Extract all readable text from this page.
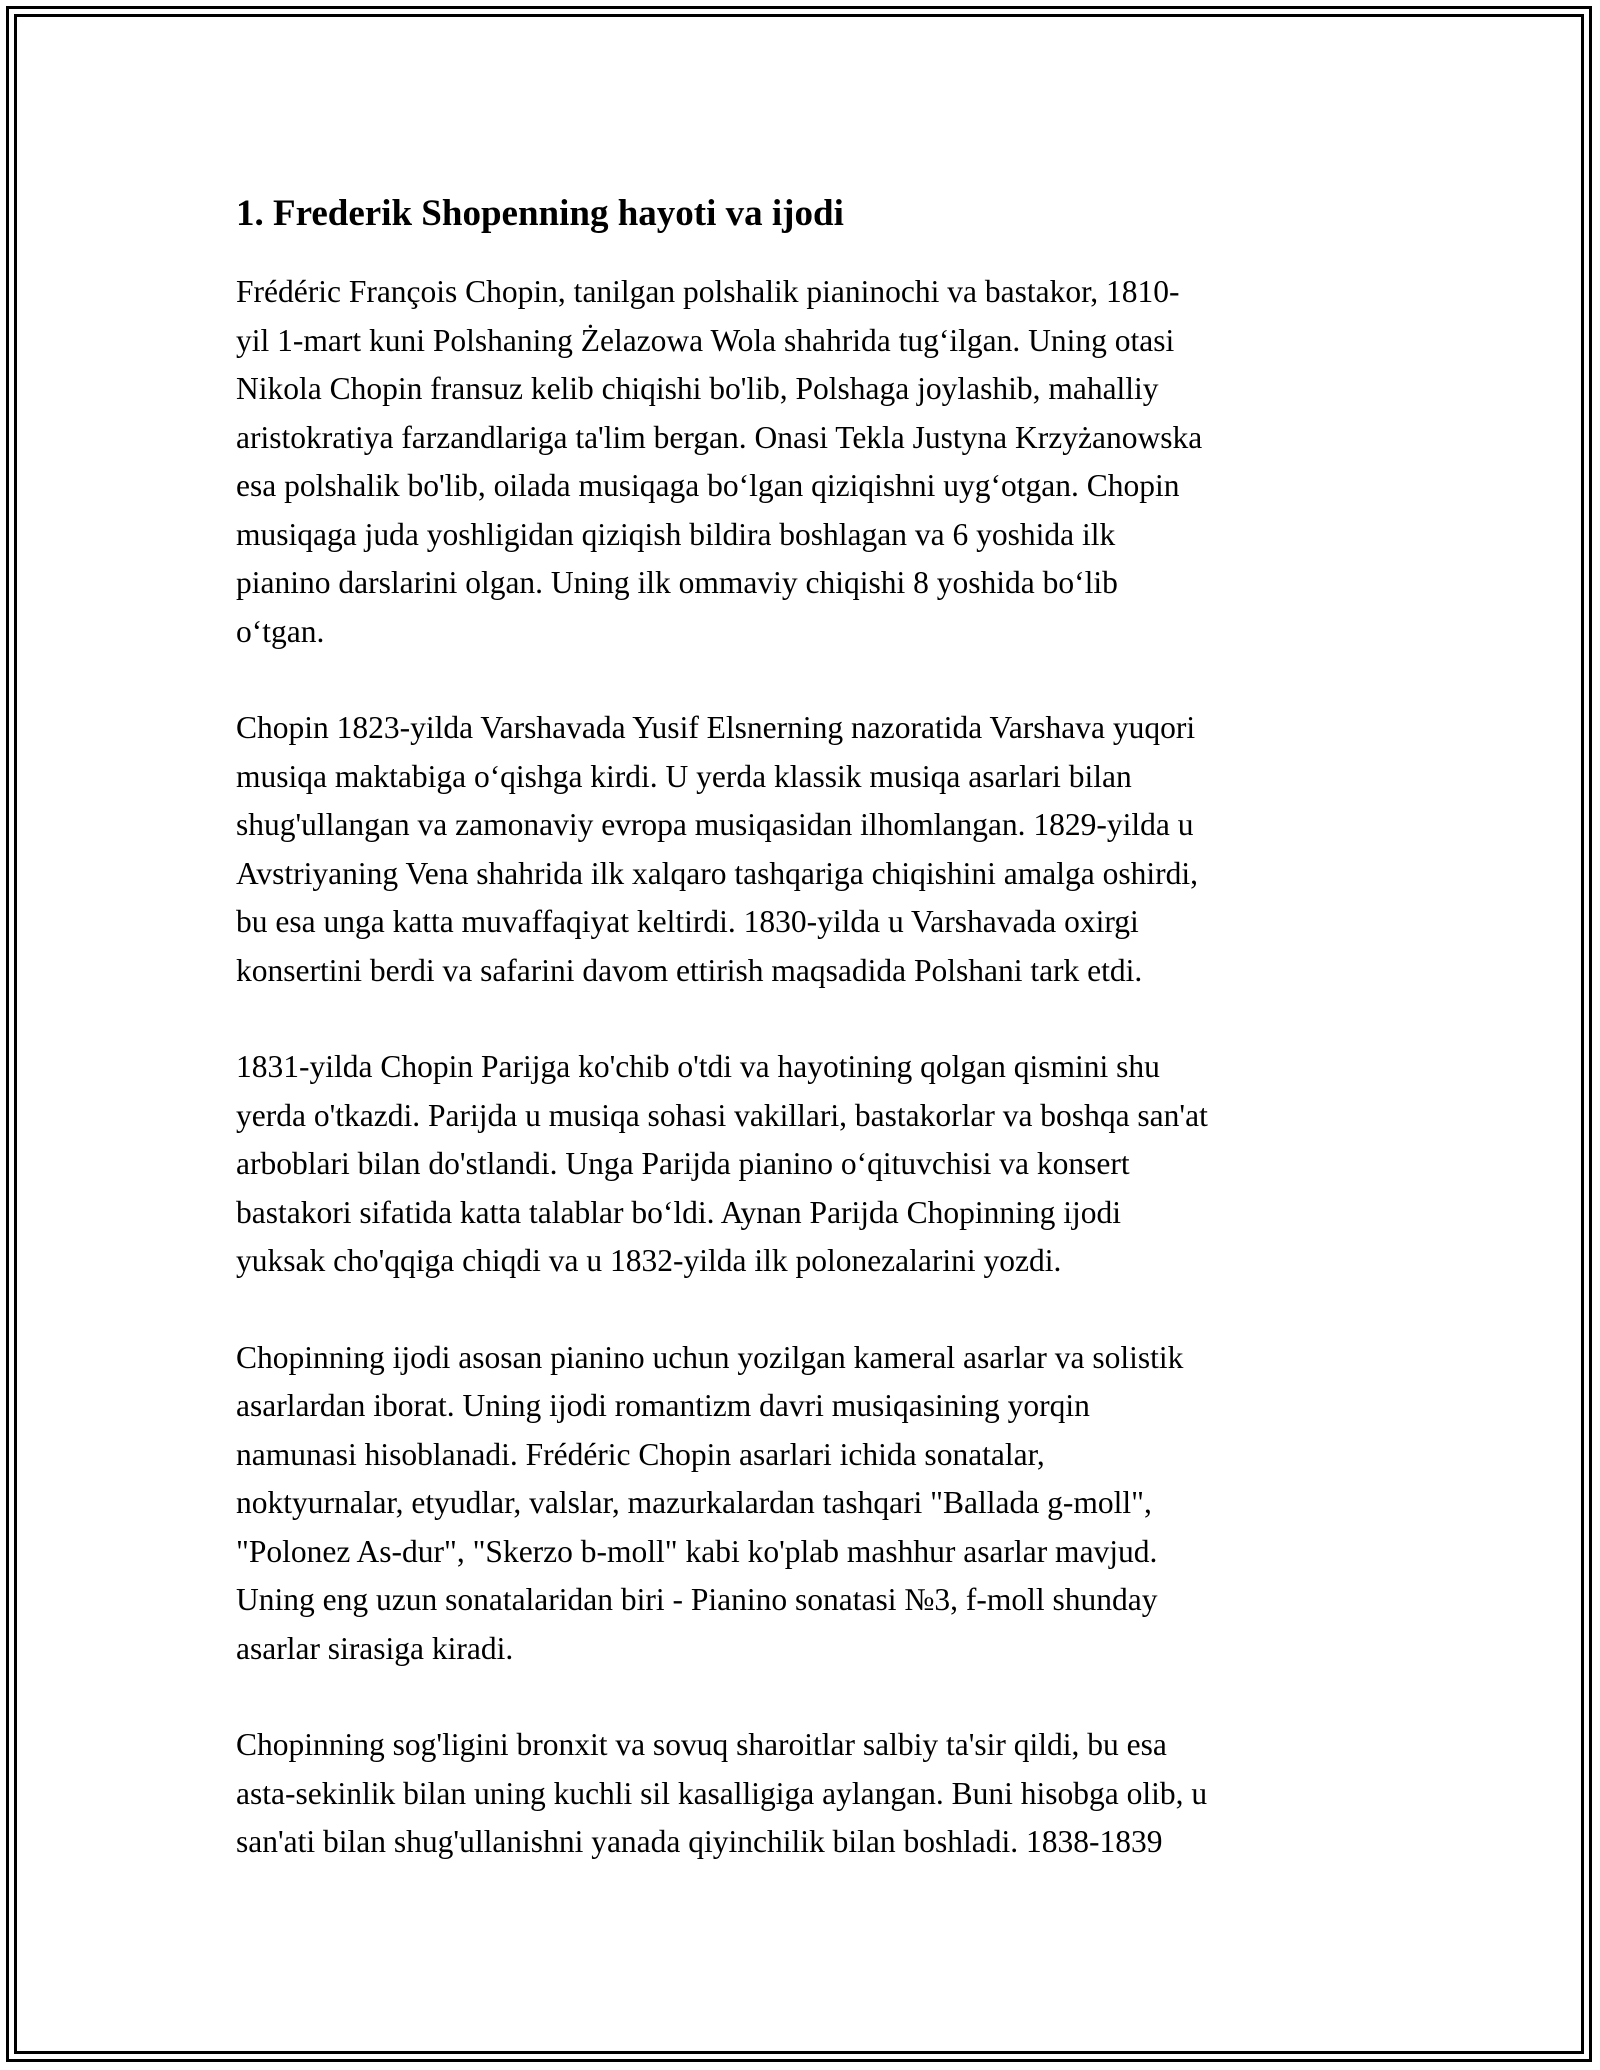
1. Frederik Shopenning hayoti va ijodi

Frédéric François Chopin, tanilgan polshalik pianinochi va bastakor, 1810-
yil 1-mart kuni Polshaning Żelazowa Wola shahrida tugʻilgan. Uning otasi
Nikola Chopin fransuz kelib chiqishi bo'lib, Polshaga joylashib, mahalliy
aristokratiya farzandlariga ta'lim bergan. Onasi Tekla Justyna Krzyżanowska
esa polshalik bo'lib, oilada musiqaga boʻlgan qiziqishni uygʻotgan. Chopin
musiqaga juda yoshligidan qiziqish bildira boshlagan va 6 yoshida ilk
pianino darslarini olgan. Uning ilk ommaviy chiqishi 8 yoshida boʻlib
oʻtgan.

Chopin 1823-yilda Varshavada Yusif Elsnerning nazoratida Varshava yuqori
musiqa maktabiga oʻqishga kirdi. U yerda klassik musiqa asarlari bilan
shug'ullangan va zamonaviy evropa musiqasidan ilhomlangan. 1829-yilda u
Avstriyaning Vena shahrida ilk xalqaro tashqariga chiqishini amalga oshirdi,
bu esa unga katta muvaffaqiyat keltirdi. 1830-yilda u Varshavada oxirgi
konsertini berdi va safarini davom ettirish maqsadida Polshani tark etdi.

1831-yilda Chopin Parijga ko'chib o'tdi va hayotining qolgan qismini shu
yerda o'tkazdi. Parijda u musiqa sohasi vakillari, bastakorlar va boshqa san'at
arboblari bilan do'stlandi. Unga Parijda pianino oʻqituvchisi va konsert
bastakori sifatida katta talablar boʻldi. Aynan Parijda Chopinning ijodi
yuksak cho'qqiga chiqdi va u 1832-yilda ilk polonezalarini yozdi.

Chopinning ijodi asosan pianino uchun yozilgan kameral asarlar va solistik
asarlardan iborat. Uning ijodi romantizm davri musiqasining yorqin
namunasi hisoblanadi. Frédéric Chopin asarlari ichida sonatalar,
noktyurnalar, etyudlar, valslar, mazurkalardan tashqari "Ballada g-moll",
"Polonez As-dur", "Skerzo b-moll" kabi ko'plab mashhur asarlar mavjud.
Uning eng uzun sonatalaridan biri - Pianino sonatasi №3, f-moll shunday
asarlar sirasiga kiradi.

Chopinning sog'ligini bronxit va sovuq sharoitlar salbiy ta'sir qildi, bu esa
asta-sekinlik bilan uning kuchli sil kasalligiga aylangan. Buni hisobga olib, u
san'ati bilan shug'ullanishni yanada qiyinchilik bilan boshladi. 1838-1839
